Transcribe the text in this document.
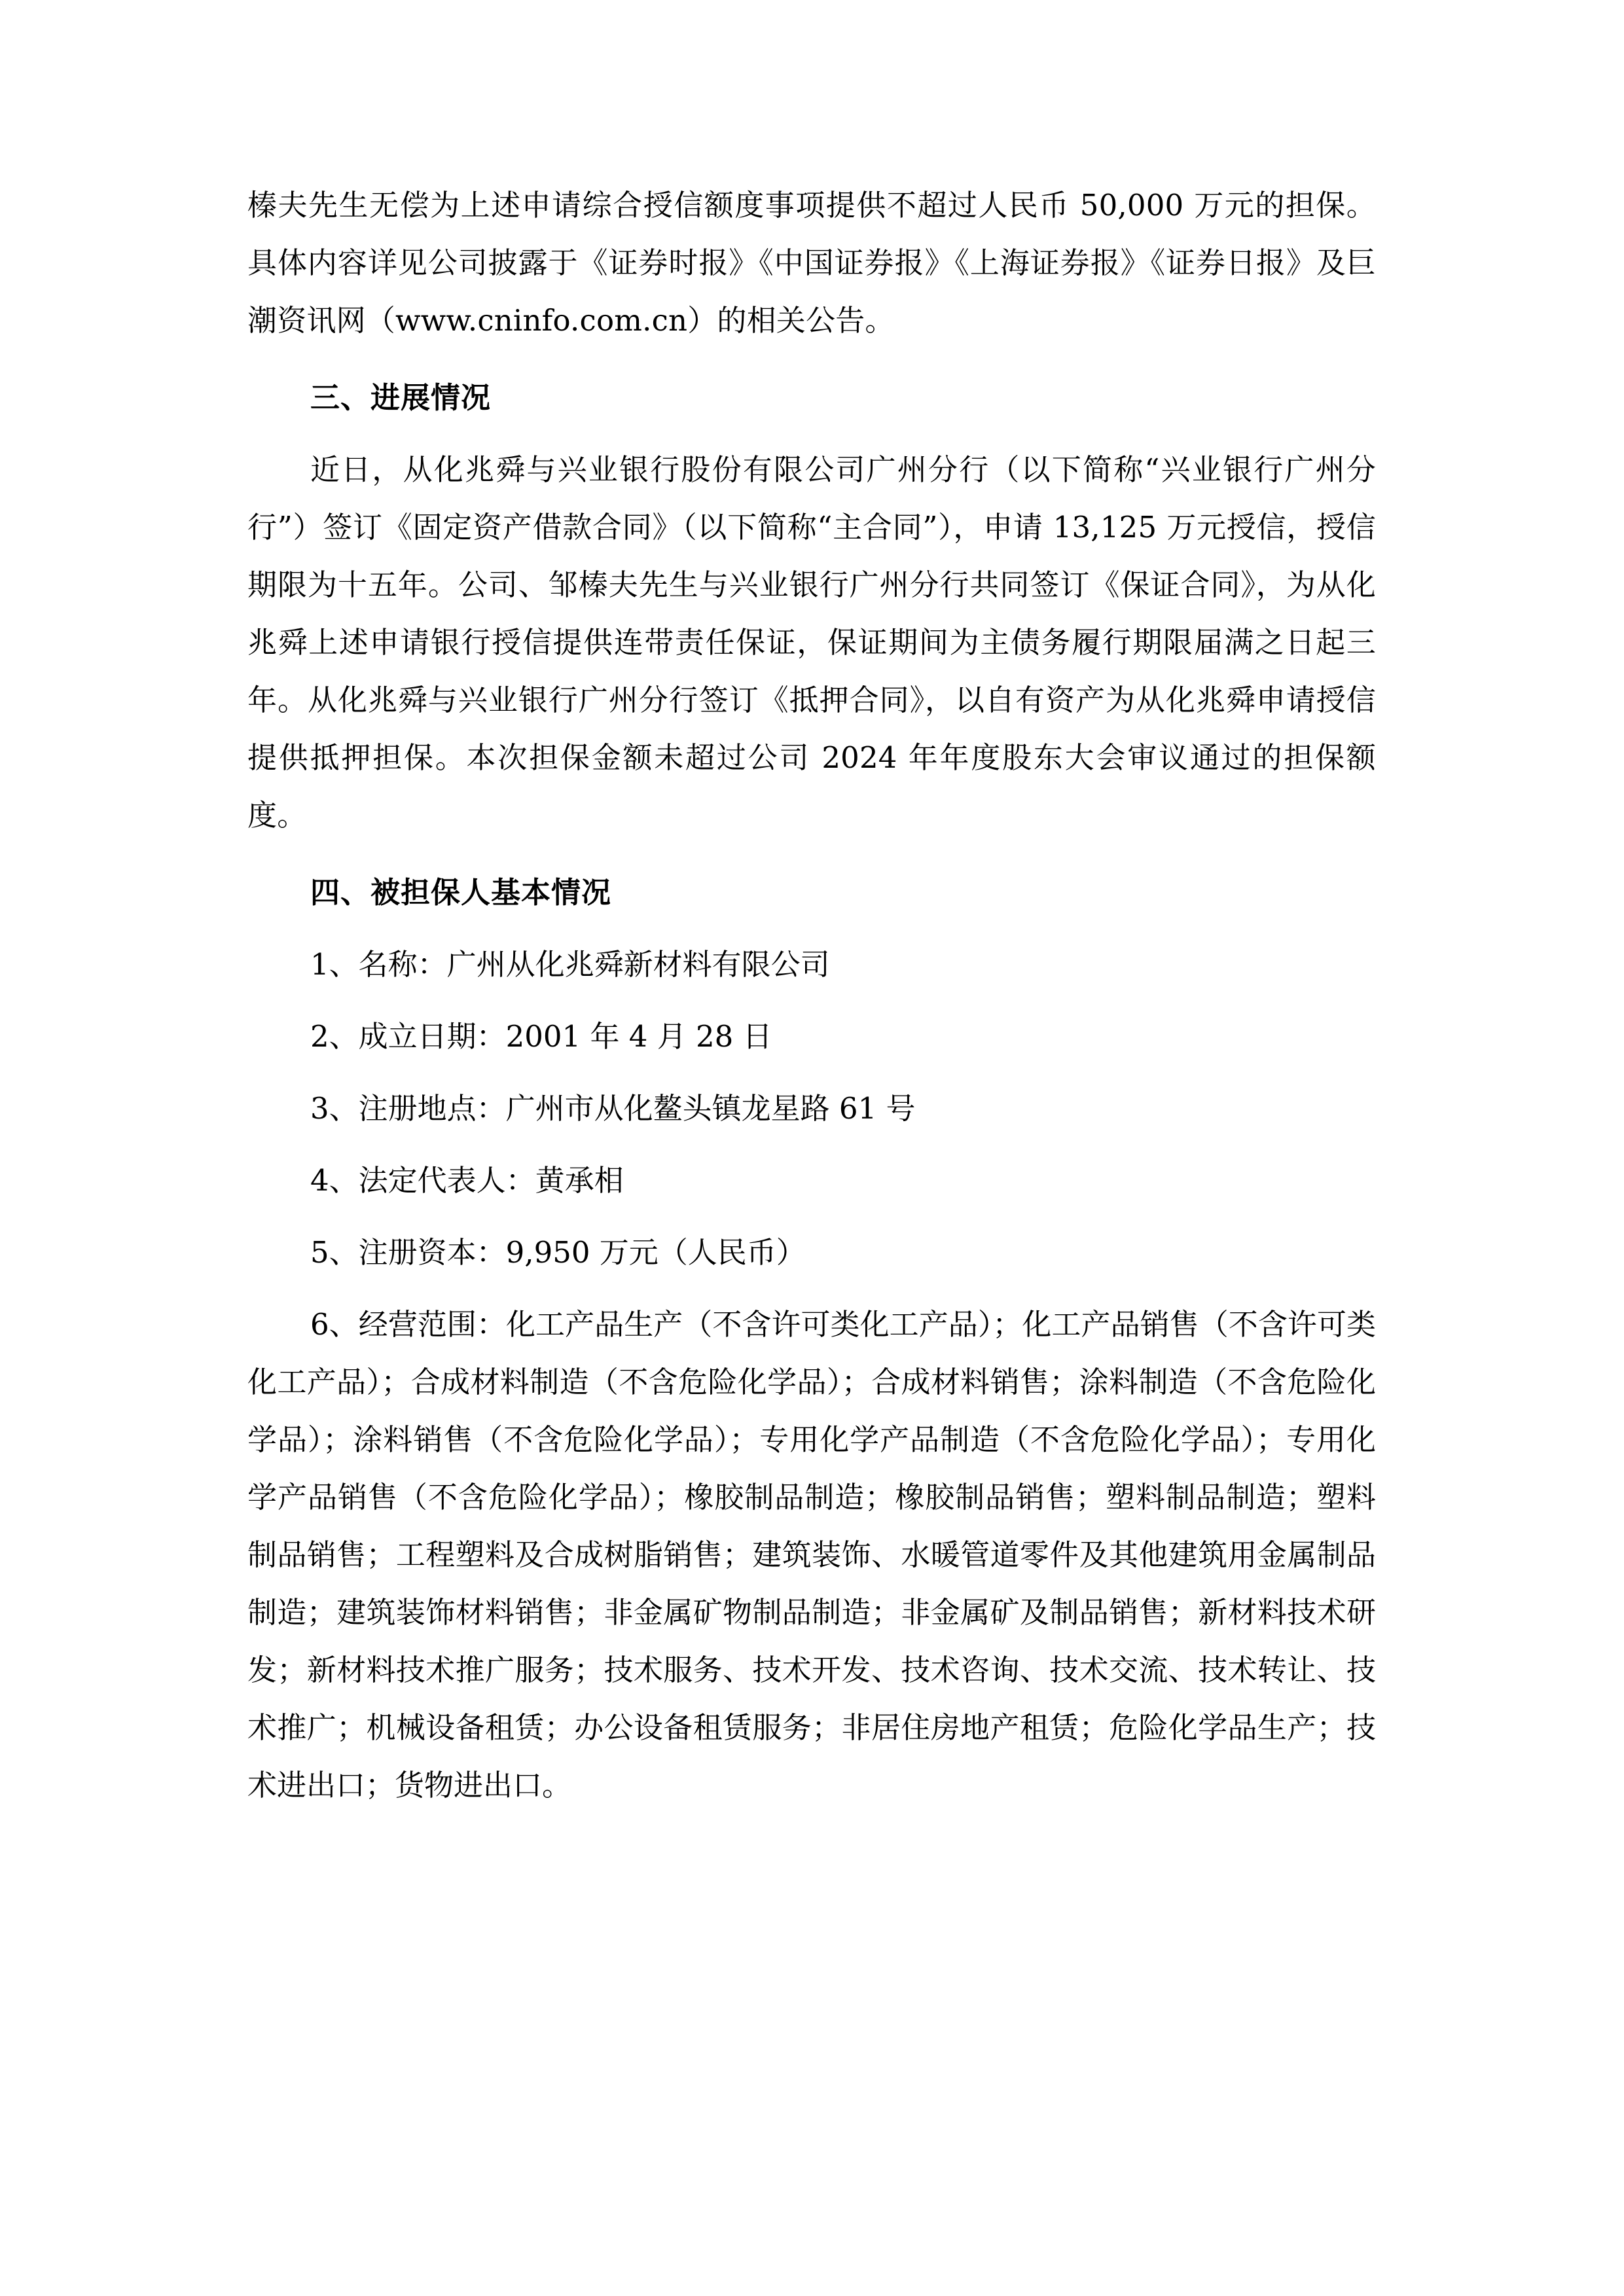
榛夫先生无偿为上述申请综合授信额度事项提供不超过人民币 50,000 万元的担保。具体内容详见公司披露于《证券时报》《中国证券报》《上海证券报》《证券日报》及巨潮资讯网（www.cninfo.com.cn）的相关公告。

三、进展情况

近日，从化兆舜与兴业银行股份有限公司广州分行（以下简称“兴业银行广州分行”）签订《固定资产借款合同》（以下简称“主合同”），申请 13,125 万元授信，授信期限为十五年。公司、邹榛夫先生与兴业银行广州分行共同签订《保证合同》，为从化兆舜上述申请银行授信提供连带责任保证，保证期间为主债务履行期限届满之日起三年。从化兆舜与兴业银行广州分行签订《抵押合同》，以自有资产为从化兆舜申请授信提供抵押担保。本次担保金额未超过公司 2024 年年度股东大会审议通过的担保额度。

四、被担保人基本情况

1、名称：广州从化兆舜新材料有限公司

2、成立日期：2001 年 4 月 28 日

3、注册地点：广州市从化鳌头镇龙星路 61 号

4、法定代表人：黄承相

5、注册资本：9,950 万元（人民币）

6、经营范围：化工产品生产（不含许可类化工产品）；化工产品销售（不含许可类化工产品）；合成材料制造（不含危险化学品）；合成材料销售；涂料制造（不含危险化学品）；涂料销售（不含危险化学品）；专用化学产品制造（不含危险化学品）；专用化学产品销售（不含危险化学品）；橡胶制品制造；橡胶制品销售；塑料制品制造；塑料制品销售；工程塑料及合成树脂销售；建筑装饰、水暖管道零件及其他建筑用金属制品制造；建筑装饰材料销售；非金属矿物制品制造；非金属矿及制品销售；新材料技术研发；新材料技术推广服务；技术服务、技术开发、技术咨询、技术交流、技术转让、技术推广；机械设备租赁；办公设备租赁服务；非居住房地产租赁；危险化学品生产；技术进出口；货物进出口。
